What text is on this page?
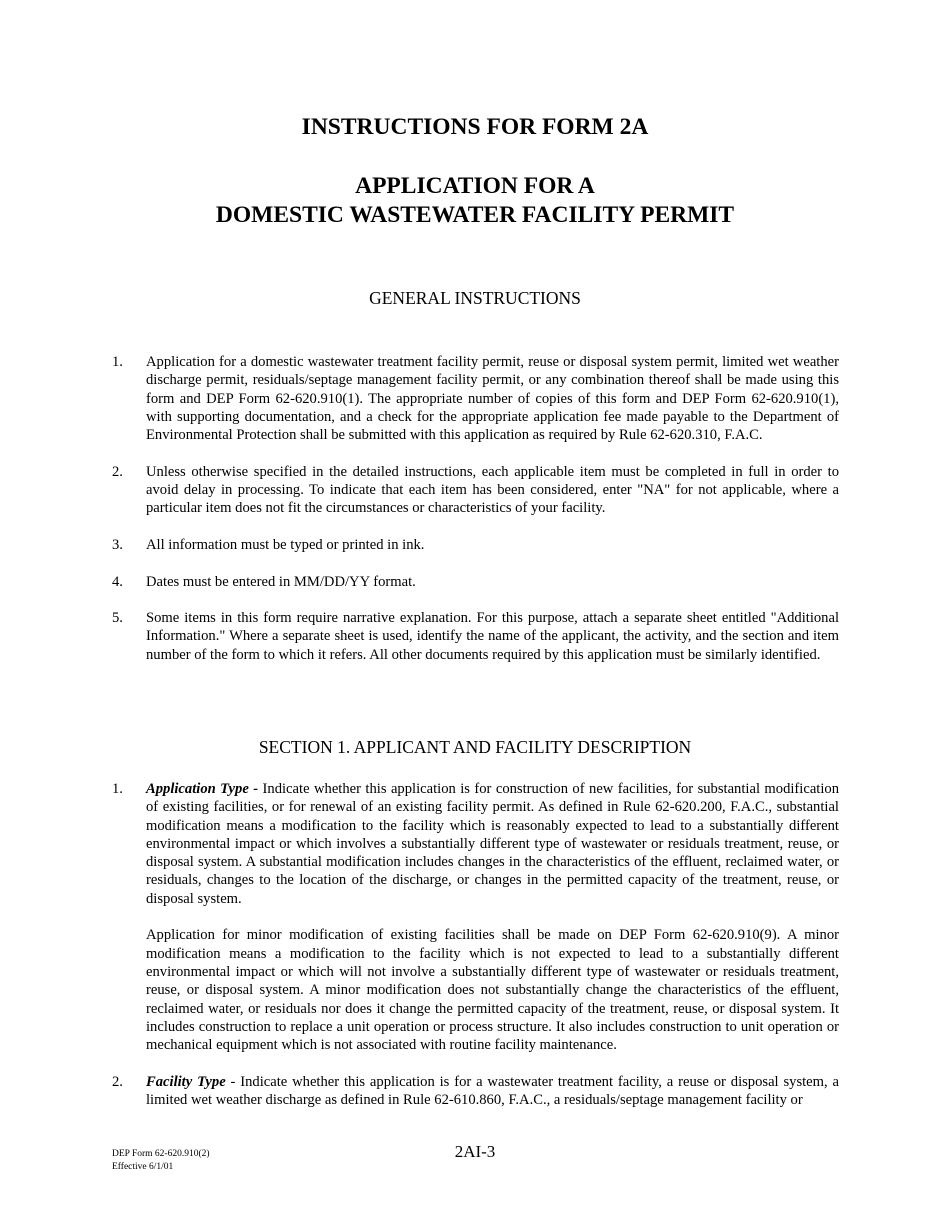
INSTRUCTIONS FOR FORM 2A
APPLICATION FOR A
DOMESTIC WASTEWATER FACILITY PERMIT
GENERAL INSTRUCTIONS
1. Application for a domestic wastewater treatment facility permit, reuse or disposal system permit, limited wet weather discharge permit, residuals/septage management facility permit, or any combination thereof shall be made using this form and DEP Form 62-620.910(1). The appropriate number of copies of this form and DEP Form 62-620.910(1), with supporting documentation, and a check for the appropriate application fee made payable to the Department of Environmental Protection shall be submitted with this application as required by Rule 62-620.310, F.A.C.
2. Unless otherwise specified in the detailed instructions, each applicable item must be completed in full in order to avoid delay in processing. To indicate that each item has been considered, enter "NA" for not applicable, where a particular item does not fit the circumstances or characteristics of your facility.
3. All information must be typed or printed in ink.
4. Dates must be entered in MM/DD/YY format.
5. Some items in this form require narrative explanation. For this purpose, attach a separate sheet entitled "Additional Information." Where a separate sheet is used, identify the name of the applicant, the activity, and the section and item number of the form to which it refers. All other documents required by this application must be similarly identified.
SECTION 1. APPLICANT AND FACILITY DESCRIPTION
1. Application Type - Indicate whether this application is for construction of new facilities, for substantial modification of existing facilities, or for renewal of an existing facility permit. As defined in Rule 62-620.200, F.A.C., substantial modification means a modification to the facility which is reasonably expected to lead to a substantially different environmental impact or which involves a substantially different type of wastewater or residuals treatment, reuse, or disposal system. A substantial modification includes changes in the characteristics of the effluent, reclaimed water, or residuals, changes to the location of the discharge, or changes in the permitted capacity of the treatment, reuse, or disposal system.
Application for minor modification of existing facilities shall be made on DEP Form 62-620.910(9). A minor modification means a modification to the facility which is not expected to lead to a substantially different environmental impact or which will not involve a substantially different type of wastewater or residuals treatment, reuse, or disposal system. A minor modification does not substantially change the characteristics of the effluent, reclaimed water, or residuals nor does it change the permitted capacity of the treatment, reuse, or disposal system. It includes construction to replace a unit operation or process structure. It also includes construction to unit operation or mechanical equipment which is not associated with routine facility maintenance.
2. Facility Type - Indicate whether this application is for a wastewater treatment facility, a reuse or disposal system, a limited wet weather discharge as defined in Rule 62-610.860, F.A.C., a residuals/septage management facility or
DEP Form 62-620.910(2)
Effective 6/1/01
2AI-3
